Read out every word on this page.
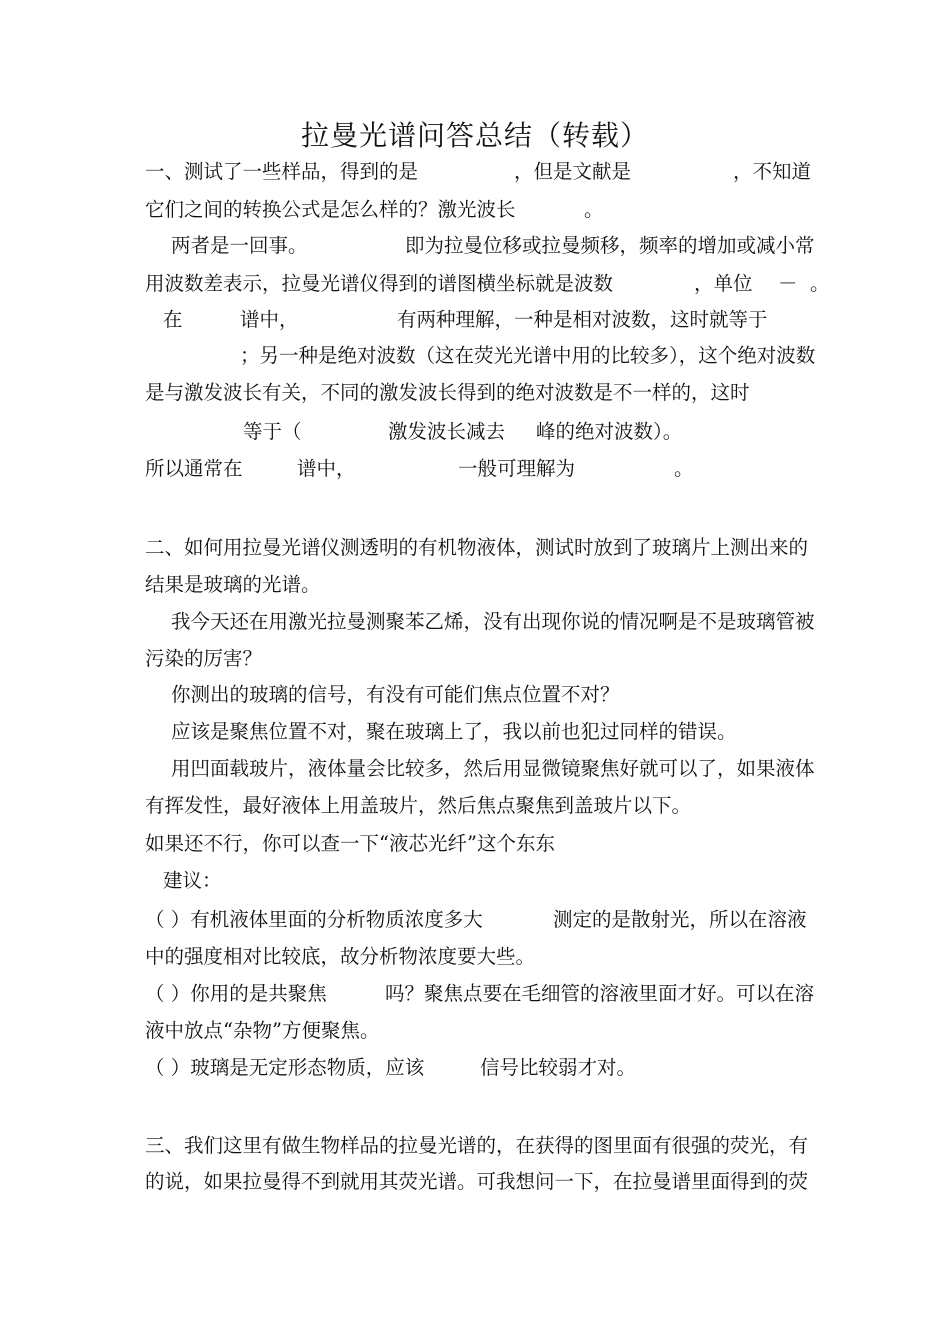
拉曼光谱问答总结（转载）
一、测试了一些样品，得到的是	，但是文献是	，不知道
它们之间的转换公式是怎么样的？激光波长	。
两者是一回事。	即为拉曼位移或拉曼频移，频率的增加或减小常
用波数差表示，拉曼光谱仪得到的谱图横坐标就是波数	，单位 － 。
在	谱中，	有两种理解，一种是相对波数，这时就等于
；另一种是绝对波数（这在荧光光谱中用的比较多），这个绝对波数
是与激发波长有关，不同的激发波长得到的绝对波数是不一样的，这时
等于（	激发波长减去 峰的绝对波数）。
所以通常在	谱中，	一般可理解为	。
二、如何用拉曼光谱仪测透明的有机物液体，测试时放到了玻璃片上测出来的
结果是玻璃的光谱。
我今天还在用激光拉曼测聚苯乙烯，没有出现你说的情况啊是不是玻璃管被
污染的厉害？
你测出的玻璃的信号，有没有可能们焦点位置不对？
应该是聚焦位置不对，聚在玻璃上了，我以前也犯过同样的错误。
用凹面载玻片，液体量会比较多，然后用显微镜聚焦好就可以了，如果液体
有挥发性，最好液体上用盖玻片，然后焦点聚焦到盖玻片以下。
如果还不行，你可以查一下“液芯光纤”这个东东
建议：
（ ）有机液体里面的分析物质浓度多大	测定的是散射光，所以在溶液
中的强度相对比较底，故分析物浓度要大些。
（ ）你用的是共聚焦	吗？聚焦点要在毛细管的溶液里面才好。可以在溶
液中放点“杂物”方便聚焦。
（ ）玻璃是无定形态物质，应该	信号比较弱才对。
三、我们这里有做生物样品的拉曼光谱的，在获得的图里面有很强的荧光，有
的说，如果拉曼得不到就用其荧光谱。可我想问一下，在拉曼谱里面得到的荧
